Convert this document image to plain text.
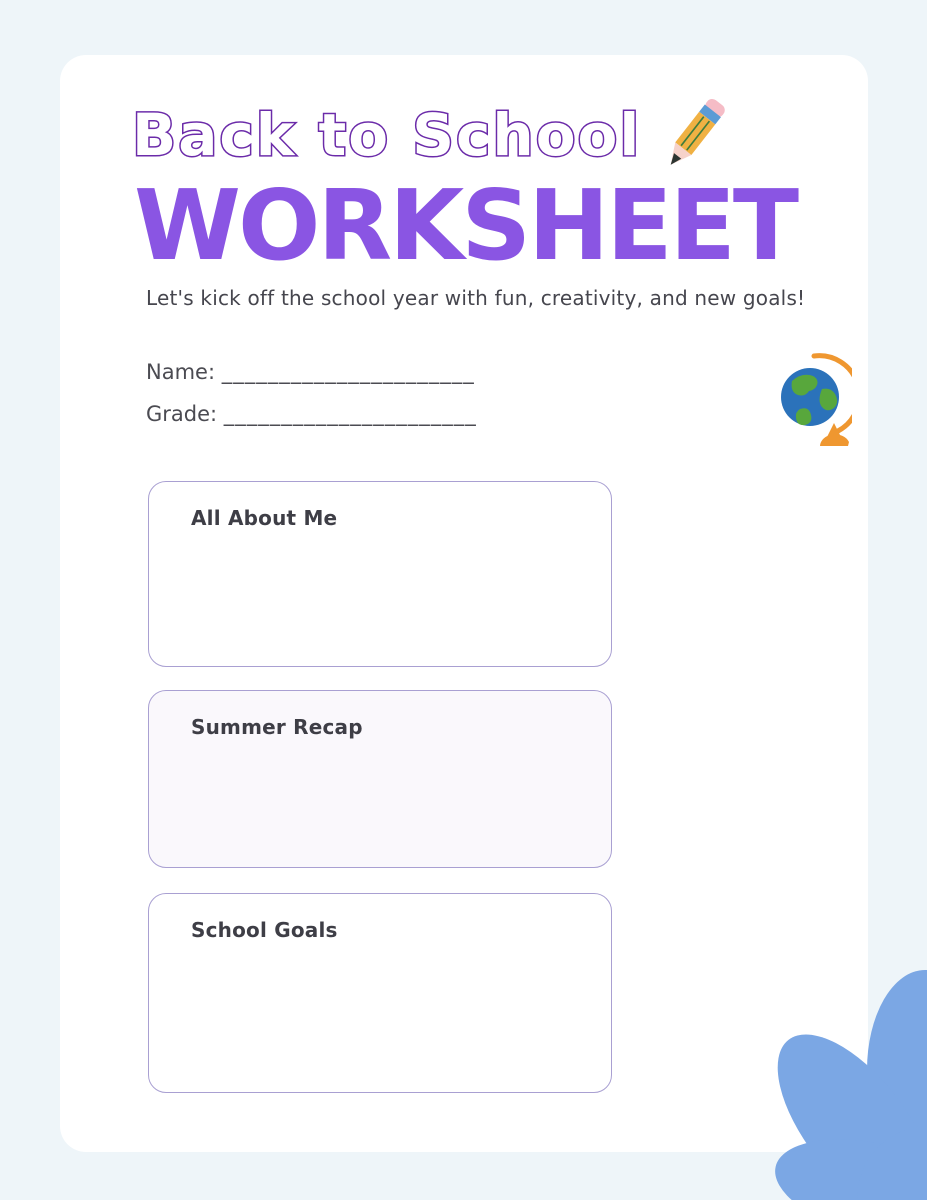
Back to School
WORKSHEET
Let's kick off the school year with fun, creativity, and new goals!
Name: ______________________
Grade: ______________________
All About Me
Summer Recap
School Goals
